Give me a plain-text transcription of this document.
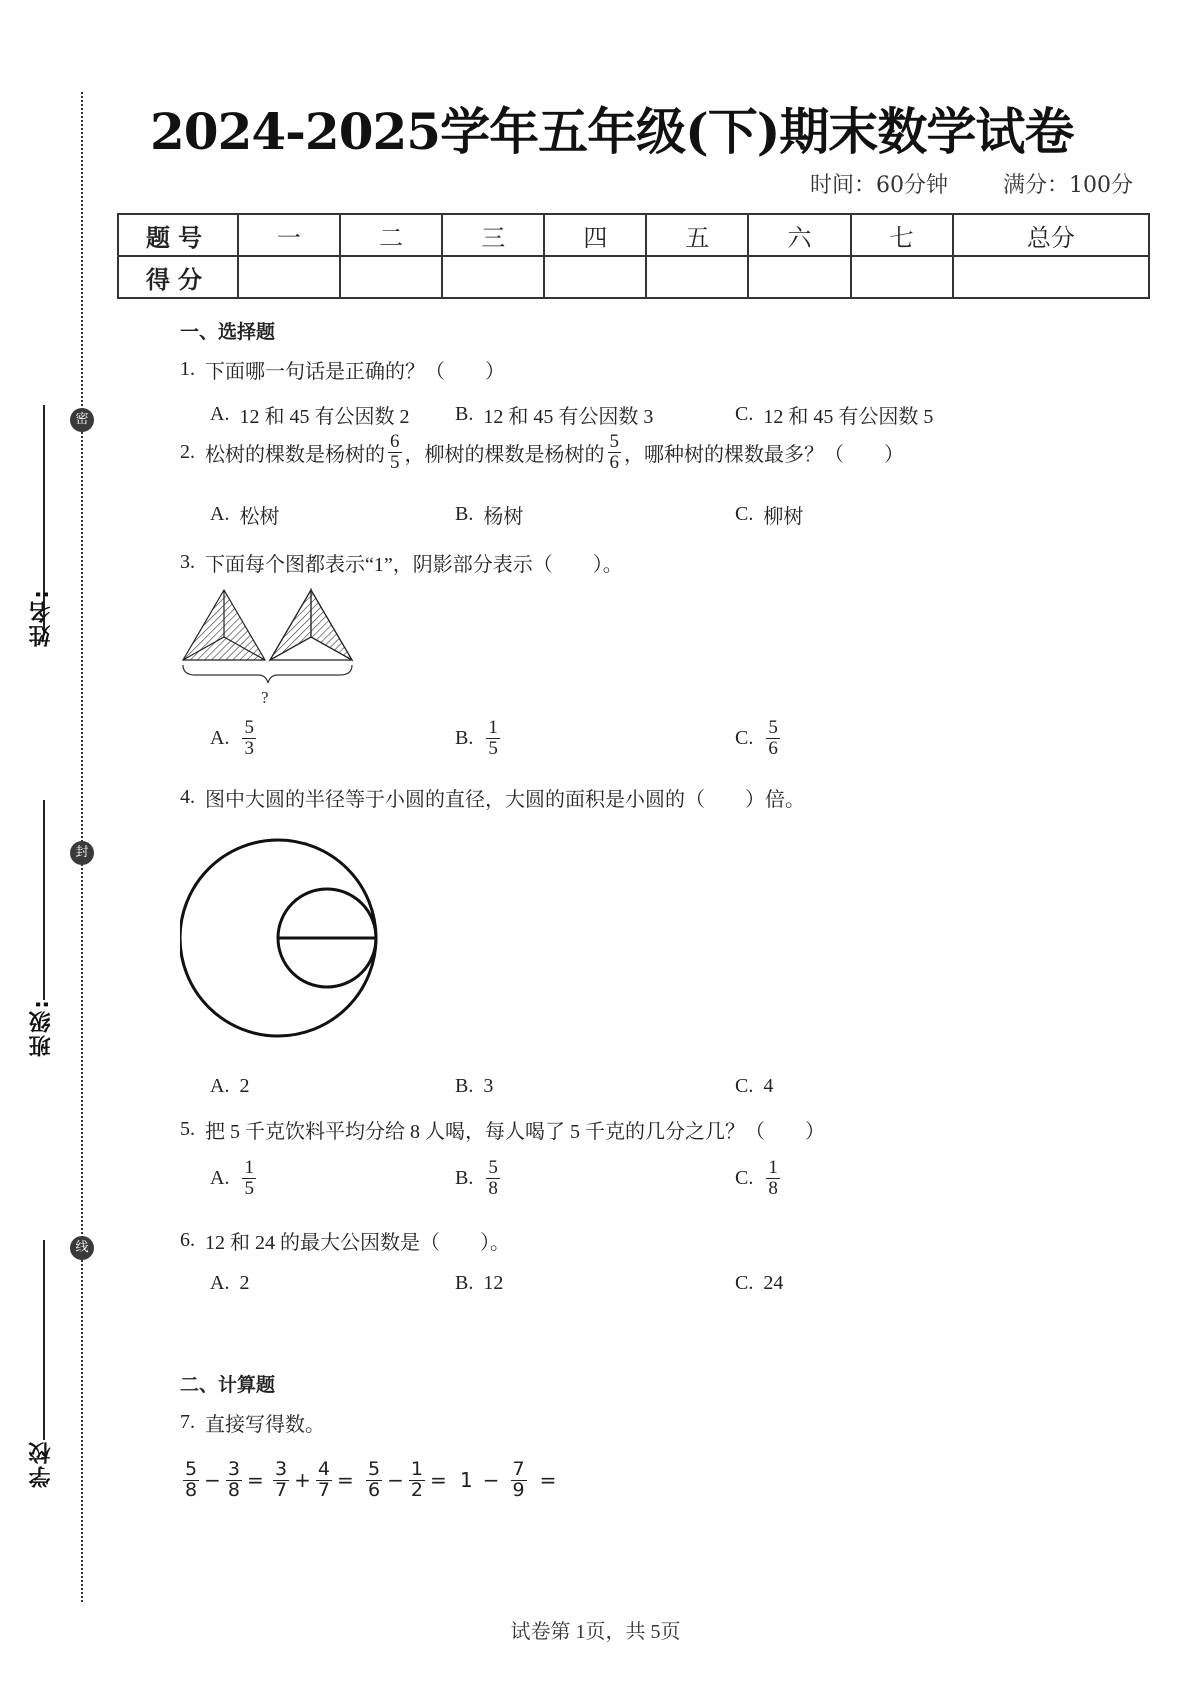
密
封
线
姓名:
班级:
学校
2024-2025学年五年级(下)期末数学试卷
时间：60分钟	满分：100分
题号	一	二	三	四	五	六	七	总分
得分								
一、选择题
1. 下面哪一句话是正确的？（　　）
A. 12 和 45 有公因数 2 B. 12 和 45 有公因数 3	C. 12 和 45 有公因数 5
2. 松树的棵数是杨树的 $\frac{6}{5}$ ，柳树的棵数是杨树的 $\frac{5}{6}$ ，哪种树的棵数最多？（　　）
A. 松树	B. 杨树	C. 柳树
3. 下面每个图都表示“1”，阴影部分表示（　　）。
?
A. $\frac{5}{3}$	B. $\frac{1}{5}$	C. $\frac{5}{6}$
4. 图中大圆的半径等于小圆的直径，大圆的面积是小圆的（　　）倍。
A. 2	B. 3	C. 4
5. 把 5 千克饮料平均分给 8 人喝，每人喝了 5 千克的几分之几？（　　）
A. $\frac{1}{5}$	B. $\frac{5}{8}$	C. $\frac{1}{8}$
6. 12 和 24 的最大公因数是（　　）。
A. 2	B. 12	C. 24
二、计算题
7. 直接写得数。
$\frac{5}{8} - \frac{3}{8} = \frac{3}{7} + \frac{4}{7} = \frac{5}{6} - \frac{1}{2} = 1 - \frac{7}{9}$ =
试卷第 1页，共 5页
